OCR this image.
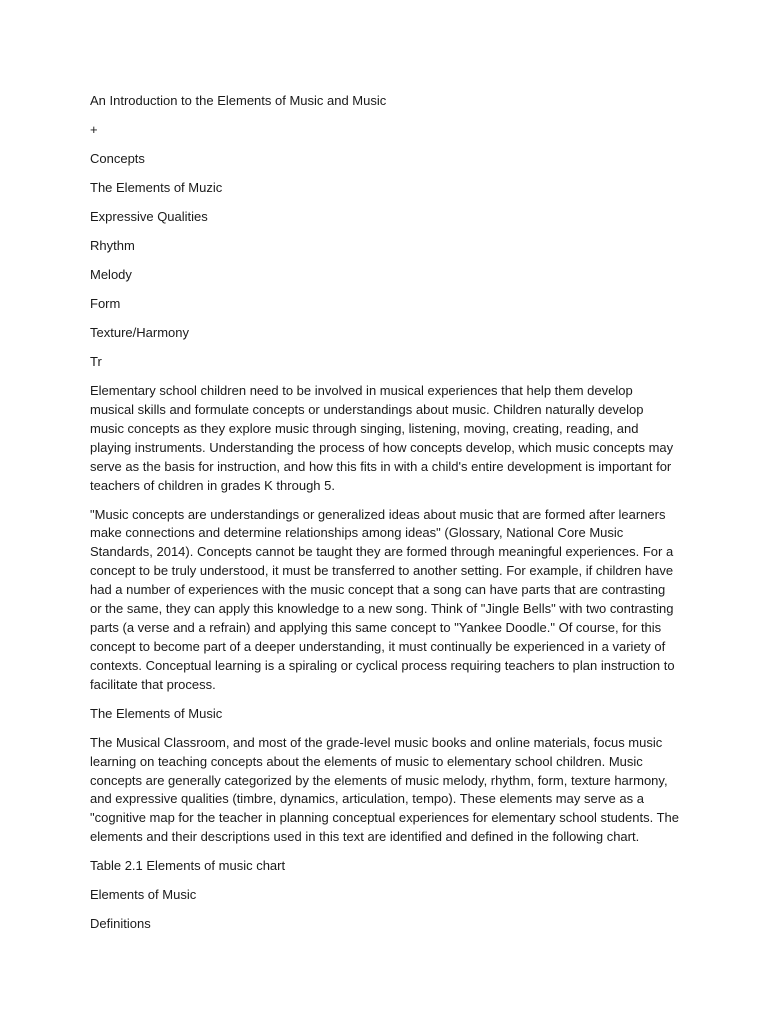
An Introduction to the Elements of Music and Music

+

Concepts

The Elements of Muzic

Expressive Qualities

Rhythm

Melody

Form

Texture/Harmony

Tr

Elementary school children need to be involved in musical experiences that help them develop musical skills and formulate concepts or understandings about music. Children naturally develop music concepts as they explore music through singing, listening, moving, creating, reading, and playing instruments. Understanding the process of how concepts develop, which music concepts may serve as the basis for instruction, and how this fits in with a child's entire development is important for teachers of children in grades K through 5.

"Music concepts are understandings or generalized ideas about music that are formed after learners make connections and determine relationships among ideas" (Glossary, National Core Music Standards, 2014). Concepts cannot be taught they are formed through meaningful experiences. For a concept to be truly understood, it must be transferred to another setting. For example, if children have had a number of experiences with the music concept that a song can have parts that are contrasting or the same, they can apply this knowledge to a new song. Think of "Jingle Bells" with two contrasting parts (a verse and a refrain) and applying this same concept to "Yankee Doodle." Of course, for this concept to become part of a deeper understanding, it must continually be experienced in a variety of contexts. Conceptual learning is a spiraling or cyclical process requiring teachers to plan instruction to facilitate that process.

The Elements of Music

The Musical Classroom, and most of the grade-level music books and online materials, focus music learning on teaching concepts about the elements of music to elementary school children. Music concepts are generally categorized by the elements of music melody, rhythm, form, texture harmony, and expressive qualities (timbre, dynamics, articulation, tempo). These elements may serve as a "cognitive map for the teacher in planning conceptual experiences for elementary school students. The elements and their descriptions used in this text are identified and defined in the following chart.

Table 2.1 Elements of music chart

Elements of Music

Definitions
